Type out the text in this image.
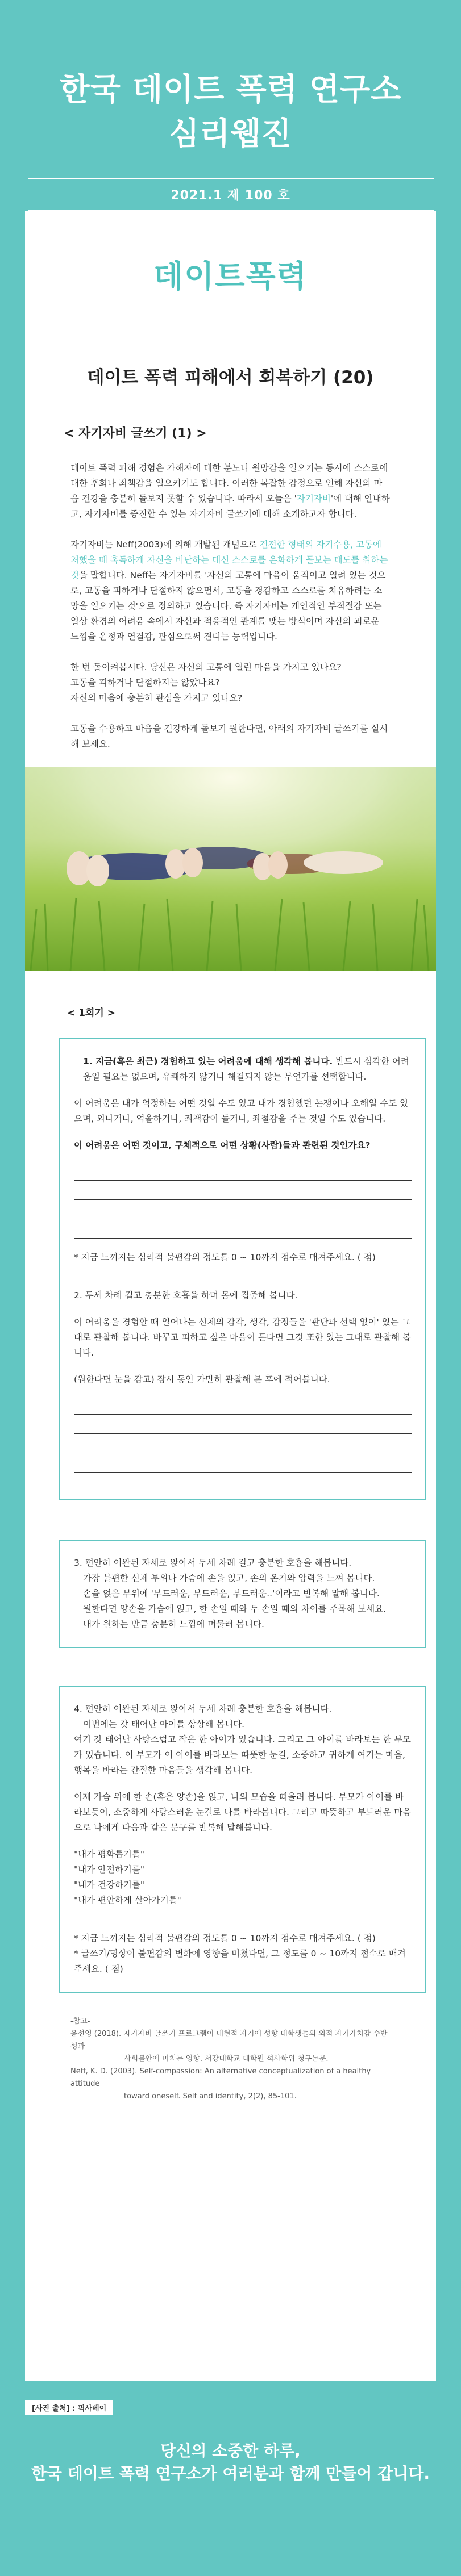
한국 데이트 폭력 연구소
심리웹진
2021.1 제 100 호
데이트폭력
데이트 폭력 피해에서 회복하기 (20)
< 자기자비 글쓰기 (1) >

데이트 폭력 피해 경험은 가해자에 대한 분노나 원망감을 일으키는 동시에 스스로에 대한 후회나 죄책감을 일으키기도 합니다. 이러한 복잡한 감정으로 인해 자신의 마음 건강을 충분히 돌보지 못할 수 있습니다. 따라서 오늘은 '자기자비'에 대해 안내하고, 자기자비를 증진할 수 있는 자기자비 글쓰기에 대해 소개하고자 합니다.

자기자비는 Neff(2003)에 의해 개발된 개념으로 건전한 형태의 자기수용, 고통에 처했을 때 혹독하게 자신을 비난하는 대신 스스로를 온화하게 돌보는 태도를 취하는 것을 말합니다. Neff는 자기자비를 '자신의 고통에 마음이 움직이고 열려 있는 것으로, 고통을 피하거나 단절하지 않으면서, 고통을 경감하고 스스로를 치유하려는 소망을 일으키는 것'으로 정의하고 있습니다. 즉 자기자비는 개인적인 부적절감 또는 일상 환경의 어려움 속에서 자신과 적응적인 관계를 맺는 방식이며 자신의 괴로운 느낌을 온정과 연결감, 관심으로써 견디는 능력입니다.

한 번 돌이켜봅시다. 당신은 자신의 고통에 열린 마음을 가지고 있나요?
고통을 피하거나 단절하지는 않았나요?
자신의 마음에 충분히 관심을 가지고 있나요?

고통을 수용하고 마음을 건강하게 돌보기 원한다면, 아래의 자기자비 글쓰기를 실시해 보세요.

< 1회기 >

1. 지금(혹은 최근) 경험하고 있는 어려움에 대해 생각해 봅니다. 반드시 심각한 어려움일 필요는 없으며, 유쾌하지 않거나 해결되지 않는 무언가를 선택합니다.

이 어려움은 내가 억정하는 어떤 것일 수도 있고 내가 경험했던 논쟁이나 오해일 수도 있으며, 외나거나, 억울하거나, 죄책감이 들거나, 좌절감을 주는 것일 수도 있습니다.

이 어려움은 어떤 것이고, 구체적으로 어떤 상황(사람)들과 관련된 것인가요?

* 지금 느끼지는 심리적 불편감의 정도를 0 ~ 10까지 점수로 매겨주세요. ( 점)

2. 두세 차례 길고 충분한 호흡을 하며 몸에 집중해 봅니다.

이 어려움을 경험할 때 일어나는 신체의 감각, 생각, 감정들을 '판단과 선택 없이' 있는 그대로 관찰해 봅니다. 바꾸고 피하고 싶은 마음이 든다면 그것 또한 있는 그대로 관찰해 봅니다.

(원한다면 눈을 감고) 잠시 동안 가만히 관찰해 본 후에 적어봅니다.

3. 편안히 이완된 자세로 앉아서 두세 차례 길고 충분한 호흡을 해봅니다.

가장 불편한 신체 부위나 가슴에 손을 얹고, 손의 온기와 압력을 느껴 봅니다.

손을 얹은 부위에 '부드러운, 부드러운, 부드러운..'이라고 반복해 말해 봅니다.

원한다면 양손을 가슴에 얹고, 한 손일 때와 두 손일 때의 차이를 주목해 보세요.

내가 원하는 만큼 충분히 느낌에 머물러 봅니다.

4. 편안히 이완된 자세로 앉아서 두세 차례 충분한 호흡을 해봅니다.

이번에는 갓 태어난 아이를 상상해 봅니다.

여기 갓 태어난 사랑스럽고 작은 한 아이가 있습니다. 그리고 그 아이를 바라보는 한 부모가 있습니다. 이 부모가 이 아이를 바라보는 따뜻한 눈길, 소중하고 귀하게 여기는 마음, 행복을 바라는 간절한 마음들을 생각해 봅니다.

이제 가슴 위에 한 손(혹은 양손)을 얹고, 나의 모습을 떠올려 봅니다. 부모가 아이를 바라보듯이, 소중하게 사랑스러운 눈길로 나를 바라봅니다. 그리고 따뜻하고 부드러운 마음으로 나에게 다음과 같은 문구를 반복해 말해봅니다.

"내가 평화롭기를"

"내가 안전하기를"

"내가 건강하기를"

"내가 편안하게 살아가기를"

* 지금 느끼지는 심리적 불편감의 정도를 0 ~ 10까지 점수로 매겨주세요. ( 점)

* 글쓰기/명상이 불편감의 변화에 영향을 미쳤다면, 그 정도를 0 ~ 10까지 점수로 매겨주세요. ( 점)

-참고-
윤선영 (2018). 자기자비 글쓰기 프로그램이 내현적 자기애 성향 대학생들의 외적 자기가치감 수반성과
사회불안에 미치는 영향. 서강대학교 대학원 석사학위 청구논문.
Neff, K. D. (2003). Self-compassion: An alternative conceptualization of a healthy attitude
toward oneself. Self and identity, 2(2), 85-101.
[사진 출처] : 픽사베이

당신의 소중한 하루,

한국 데이트 폭력 연구소가 여러분과 함께 만들어 갑니다.
